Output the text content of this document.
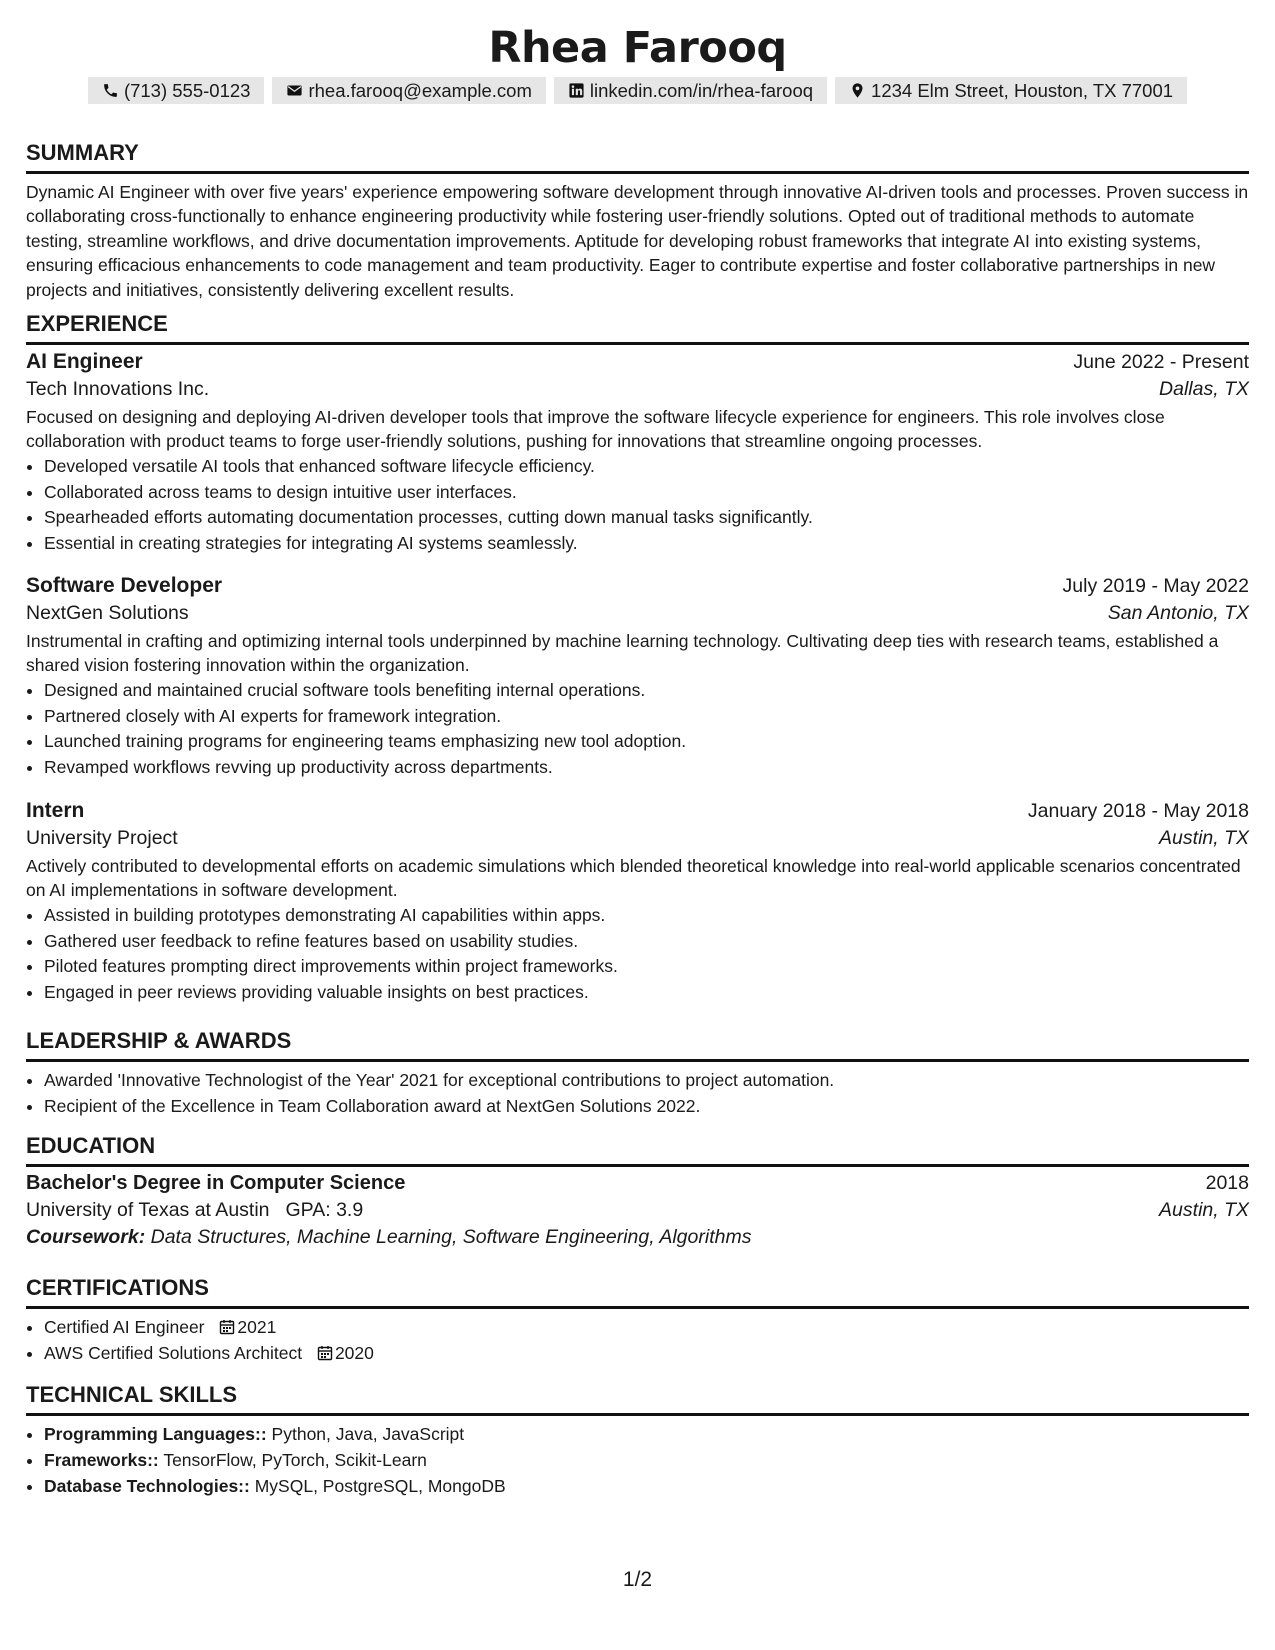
Rhea Farooq
(713) 555-0123	rhea.farooq@example.com	linkedin.com/in/rhea-farooq	1234 Elm Street, Houston, TX 77001
SUMMARY

Dynamic AI Engineer with over five years' experience empowering software development through innovative AI-driven tools and processes. Proven success in collaborating cross-functionally to enhance engineering productivity while fostering user-friendly solutions. Opted out of traditional methods to automate testing, streamline workflows, and drive documentation improvements. Aptitude for developing robust frameworks that integrate AI into existing systems, ensuring efficacious enhancements to code management and team productivity. Eager to contribute expertise and foster collaborative partnerships in new projects and initiatives, consistently delivering excellent results.

EXPERIENCE
AI Engineer	June 2022 - Present
Tech Innovations Inc.	Dallas, TX

Focused on designing and deploying AI-driven developer tools that improve the software lifecycle experience for engineers. This role involves close collaboration with product teams to forge user-friendly solutions, pushing for innovations that streamline ongoing processes.

• Developed versatile AI tools that enhanced software lifecycle efficiency.
• Collaborated across teams to design intuitive user interfaces.
• Spearheaded efforts automating documentation processes, cutting down manual tasks significantly.
• Essential in creating strategies for integrating AI systems seamlessly.
Software Developer	July 2019 - May 2022
NextGen Solutions	San Antonio, TX

Instrumental in crafting and optimizing internal tools underpinned by machine learning technology. Cultivating deep ties with research teams, established a shared vision fostering innovation within the organization.

• Designed and maintained crucial software tools benefiting internal operations.
• Partnered closely with AI experts for framework integration.
• Launched training programs for engineering teams emphasizing new tool adoption.
• Revamped workflows revving up productivity across departments.
Intern	January 2018 - May 2018
University Project	Austin, TX

Actively contributed to developmental efforts on academic simulations which blended theoretical knowledge into real-world applicable scenarios concentrated on AI implementations in software development.

• Assisted in building prototypes demonstrating AI capabilities within apps.
• Gathered user feedback to refine features based on usability studies.
• Piloted features prompting direct improvements within project frameworks.
• Engaged in peer reviews providing valuable insights on best practices.
LEADERSHIP & AWARDS
• Awarded 'Innovative Technologist of the Year' 2021 for exceptional contributions to project automation.
• Recipient of the Excellence in Team Collaboration award at NextGen Solutions 2022.
EDUCATION
Bachelor's Degree in Computer Science	2018
University of Texas at Austin GPA: 3.9	Austin, TX
Coursework: Data Structures, Machine Learning, Software Engineering, Algorithms
CERTIFICATIONS
• Certified AI Engineer 2021
• AWS Certified Solutions Architect 2020
TECHNICAL SKILLS
• Programming Languages:: Python, Java, JavaScript
• Frameworks:: TensorFlow, PyTorch, Scikit-Learn
• Database Technologies:: MySQL, PostgreSQL, MongoDB
1/2
